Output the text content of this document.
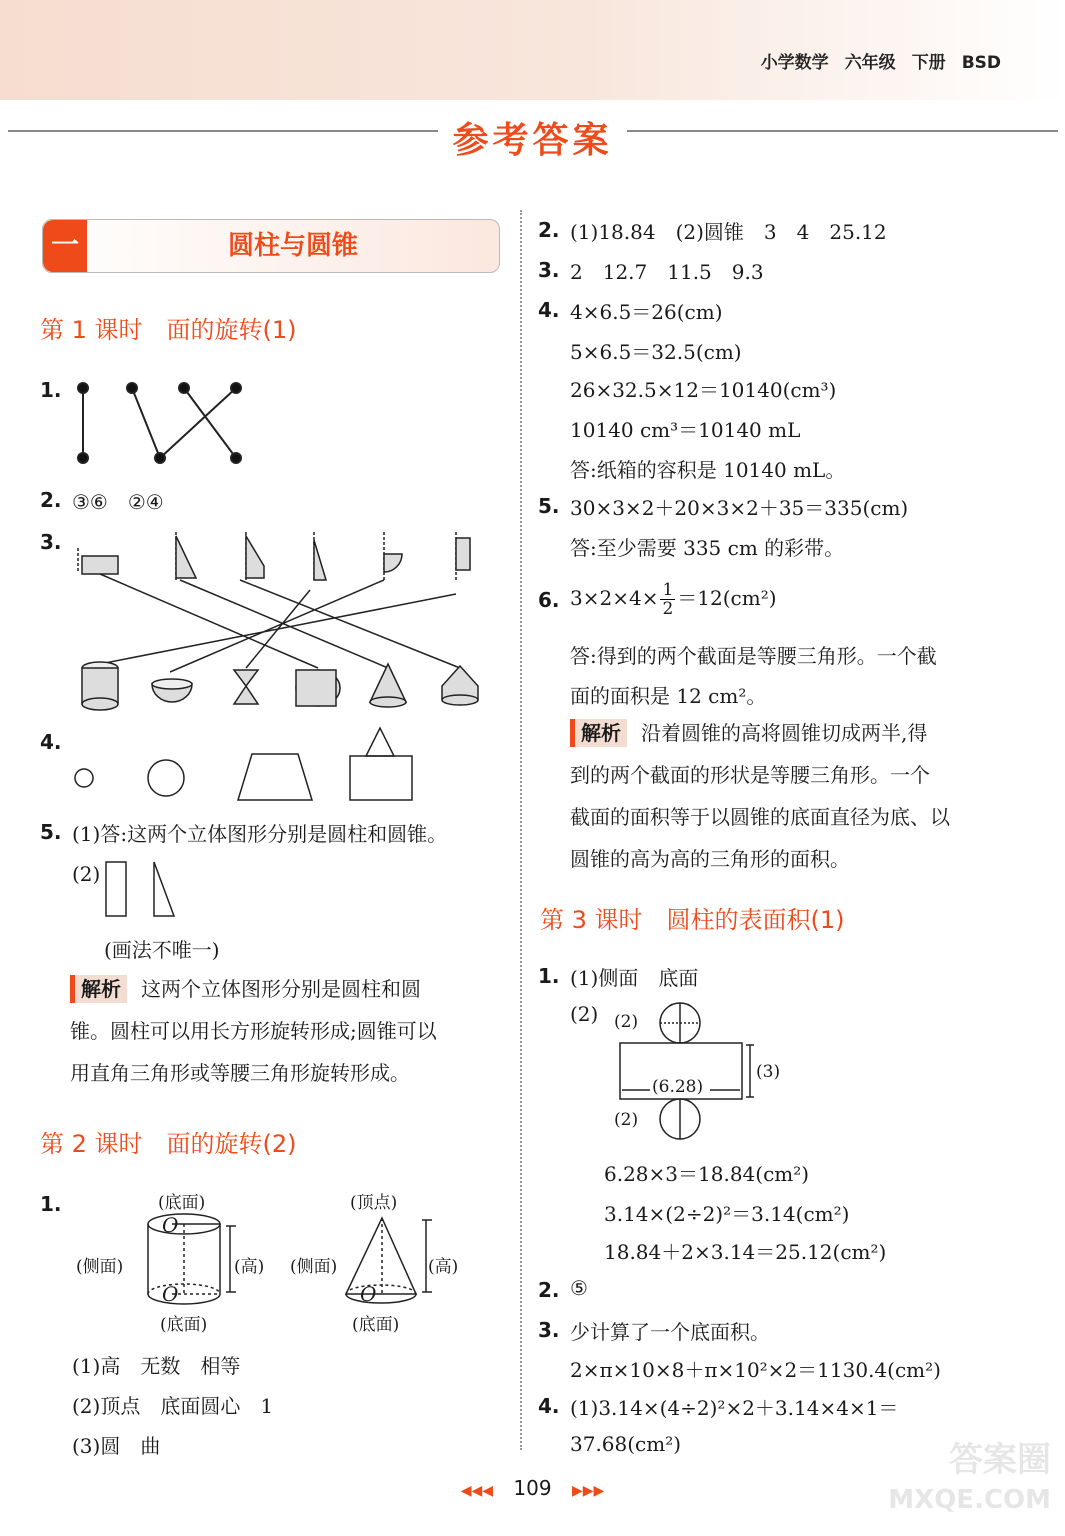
小学数学 六年级 下册 BSD
参考答案
一	圆柱与圆锥
第 1 课时　面的旋转(1)
1.
2. ③⑥　②④
3.
4.
5. (1)答:这两个立体图形分别是圆柱和圆锥。
(2)
(画法不唯一)
解析 这两个立体图形分别是圆柱和圆
锥。圆柱可以用长方形旋转形成;圆锥可以
用直角三角形或等腰三角形旋转形成。
第 2 课时　面的旋转(2)
1.	(底面)
(侧面)	(高)
(底面)
O
O
(顶点)
(侧面)	(高)
(底面)
O
(1)高　无数　相等
(2)顶点　底面圆心　1
(3)圆　曲
2. (1)18.84　(2)圆锥　3　4　25.12
3. 2　12.7　11.5　9.3
4. 4×6.5＝26(cm)
5×6.5＝32.5(cm)
26×32.5×12＝10140(cm³)
10140 cm³＝10140 mL
答:纸箱的容积是 10140 mL。
5. 30×3×2＋20×3×2＋35＝335(cm)
答:至少需要 335 cm 的彩带。
6. $3\times 2\times 4\times \frac{1}{2} =12(cm^2)$
答:得到的两个截面是等腰三角形。一个截
面的面积是 12 cm²。
解析 沿着圆锥的高将圆锥切成两半,得
到的两个截面的形状是等腰三角形。一个
截面的面积等于以圆锥的底面直径为底、以
圆锥的高为高的三角形的面积。
第 3 课时　圆柱的表面积(1)
1. (1)侧面　底面
(2) (2)
(6.28)
(3)
(2)
6.28×3＝18.84(cm²)
3.14×(2÷2)²＝3.14(cm²)
18.84＋2×3.14＝25.12(cm²)
2. ⑤
3. 少计算了一个底面积。
2×π×10×8＋π×10²×2＝1130.4(cm²)
4. (1)3.14×(4÷2)²×2＋3.14×4×1＝
37.68(cm²)
◀◀◀ 109 ▶▶▶
答案圈
MXQE.COM
